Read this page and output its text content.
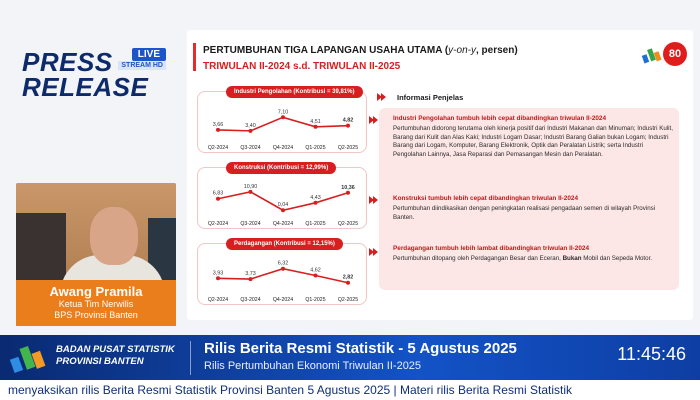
PRESS
RELEASE
LIVE
STREAM HD
Awang Pramila
Ketua Tim Nerwilis
BPS Provinsi Banten
PERTUMBUHAN TIGA LAPANGAN USAHA UTAMA (y-on-y, persen)
TRIWULAN II-2024 s.d. TRIWULAN II-2025
80
3,66
Q2-2024
3,40
Q3-2024
7,10
Q4-2024
4,51
Q1-2025
4,82
Q2-2025
Industri Pengolahan (Kontribusi = 39,81%)
6,83
Q2-2024
10,90
Q3-2024
0,04
Q4-2024
4,43
Q1-2025
10,36
Q2-2025
Konstruksi (Kontribusi = 12,99%)
3,93
Q2-2024
3,73
Q3-2024
6,32
Q4-2024
4,62
Q1-2025
2,82
Q2-2025
Perdagangan (Kontribusi = 12,15%)
Informasi Penjelas
Industri Pengolahan tumbuh lebih cepat dibandingkan triwulan II-2024
Pertumbuhan didorong terutama oleh kinerja positif dari Industri Makanan dan Minuman; Industri Kulit, Barang dari Kulit dan Alas Kaki; Industri Logam Dasar; Industri Barang Galian bukan Logam; Industri Barang dari Logam, Komputer, Barang Elektronik, Optik dan Peralatan Listrik; serta Industri Pengolahan Lainnya, Jasa Reparasi dan Pemasangan Mesin dan Peralatan.
Konstruksi tumbuh lebih cepat dibandingkan triwulan II-2024
Pertumbuhan diindikasikan dengan peningkatan realisasi pengadaan semen di wilayah Provinsi Banten.
Perdagangan tumbuh lebih lambat dibandingkan triwulan II-2024
Pertumbuhan ditopang oleh Perdagangan Besar dan Eceran, Bukan Mobil dan Sepeda Motor.
BADAN PUSAT STATISTIK
PROVINSI BANTEN
Rilis Berita Resmi Statistik - 5 Agustus 2025
Rilis Pertumbuhan Ekonomi Triwulan II-2025
11:45:46
menyaksikan rilis Berita Resmi Statistik Provinsi Banten 5 Agustus 2025 | Materi rilis Berita Resmi Statistik
